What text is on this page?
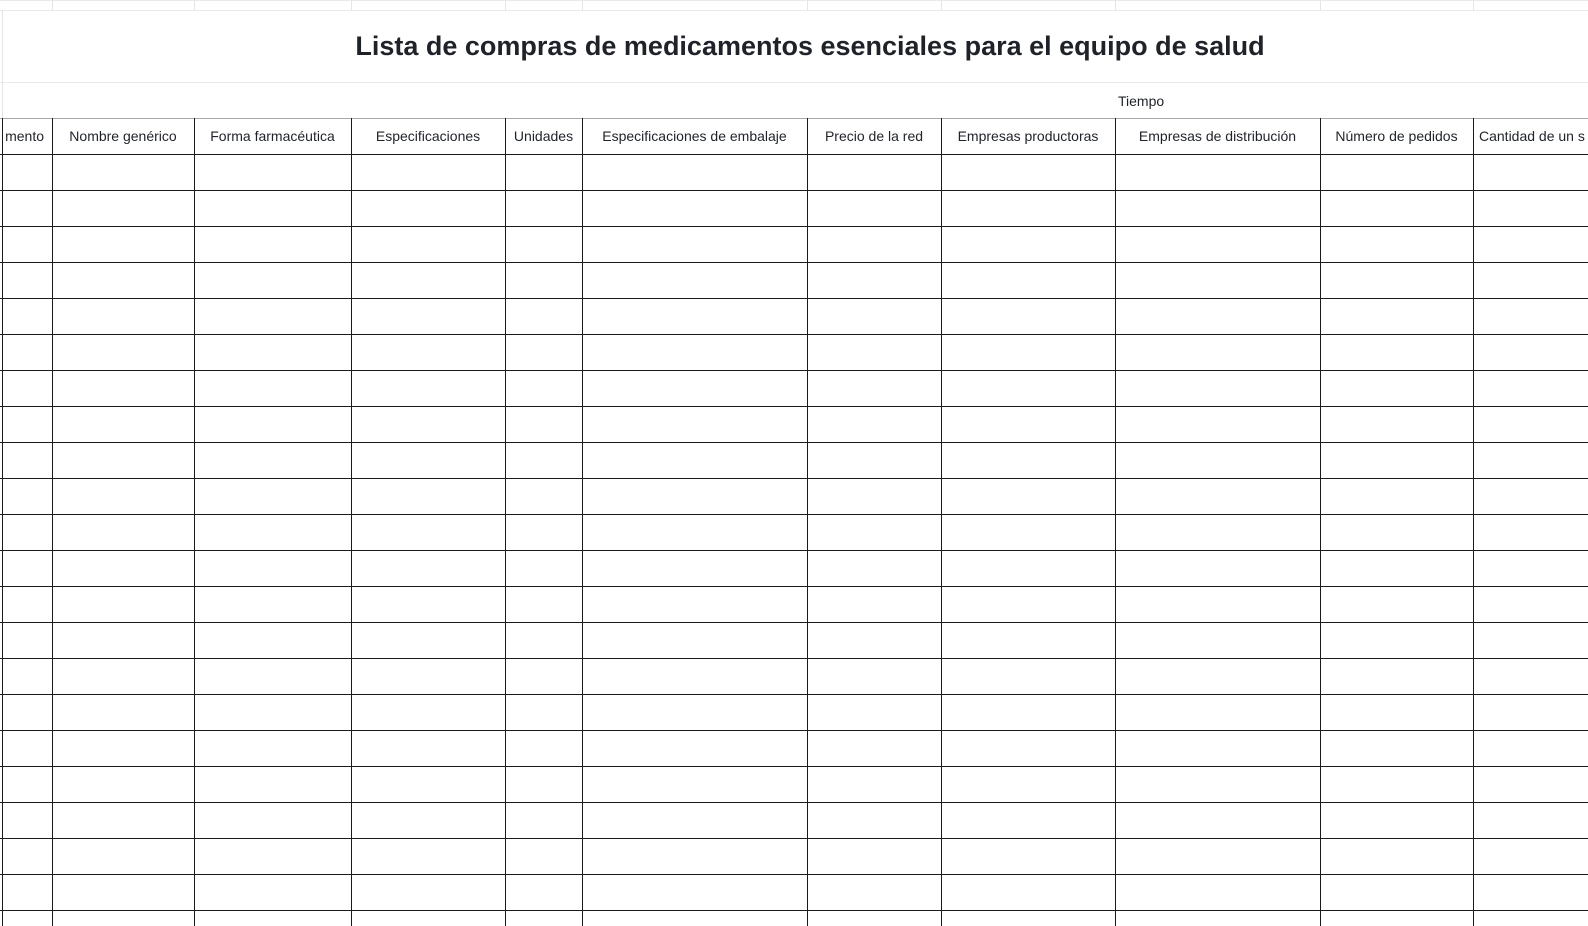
Lista de compras de medicamentos esenciales para el equipo de salud
Tiempo
mento	Nombre genérico	Forma farmacéutica	Especificaciones	Unidades	Especificaciones de embalaje	Precio de la red	Empresas productoras	Empresas de distribución	Número de pedidos	Cantidad de un s
